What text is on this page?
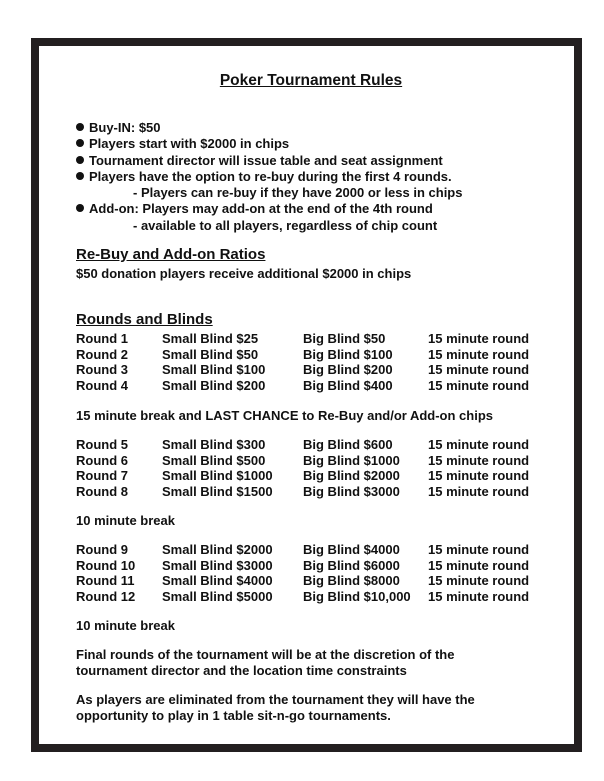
Poker Tournament Rules
Buy-IN: $50
Players start with $2000 in chips
Tournament director will issue table and seat assignment
Players have the option to re-buy during the first 4 rounds.
- Players can re-buy if they have 2000 or less in chips
Add-on: Players may add-on at the end of the 4th round
- available to all players, regardless of chip count
Re-Buy and Add-on Ratios
$50 donation players receive additional $2000 in chips
Rounds and Blinds
Round 1	Small Blind $25	Big Blind $50	15 minute round
Round 2	Small Blind $50	Big Blind $100	15 minute round
Round 3	Small Blind $100	Big Blind $200	15 minute round
Round 4	Small Blind $200	Big Blind $400	15 minute round
15 minute break and LAST CHANCE to Re-Buy and/or Add-on chips
Round 5	Small Blind $300	Big Blind $600	15 minute round
Round 6	Small Blind $500	Big Blind $1000 15 minute round
Round 7	Small Blind $1000 Big Blind $2000 15 minute round
Round 8	Small Blind $1500 Big Blind $3000 15 minute round
10 minute break
Round 9	Small Blind $2000 Big Blind $4000 15 minute round
Round 10 Small Blind $3000 Big Blind $6000 15 minute round
Round 11 Small Blind $4000 Big Blind $8000 15 minute round
Round 12 Small Blind $5000 Big Blind $10,000 15 minute round
10 minute break
Final rounds of the tournament will be at the discretion of the
tournament director and the location time constraints
As players are eliminated from the tournament they will have the
opportunity to play in 1 table sit-n-go tournaments.
